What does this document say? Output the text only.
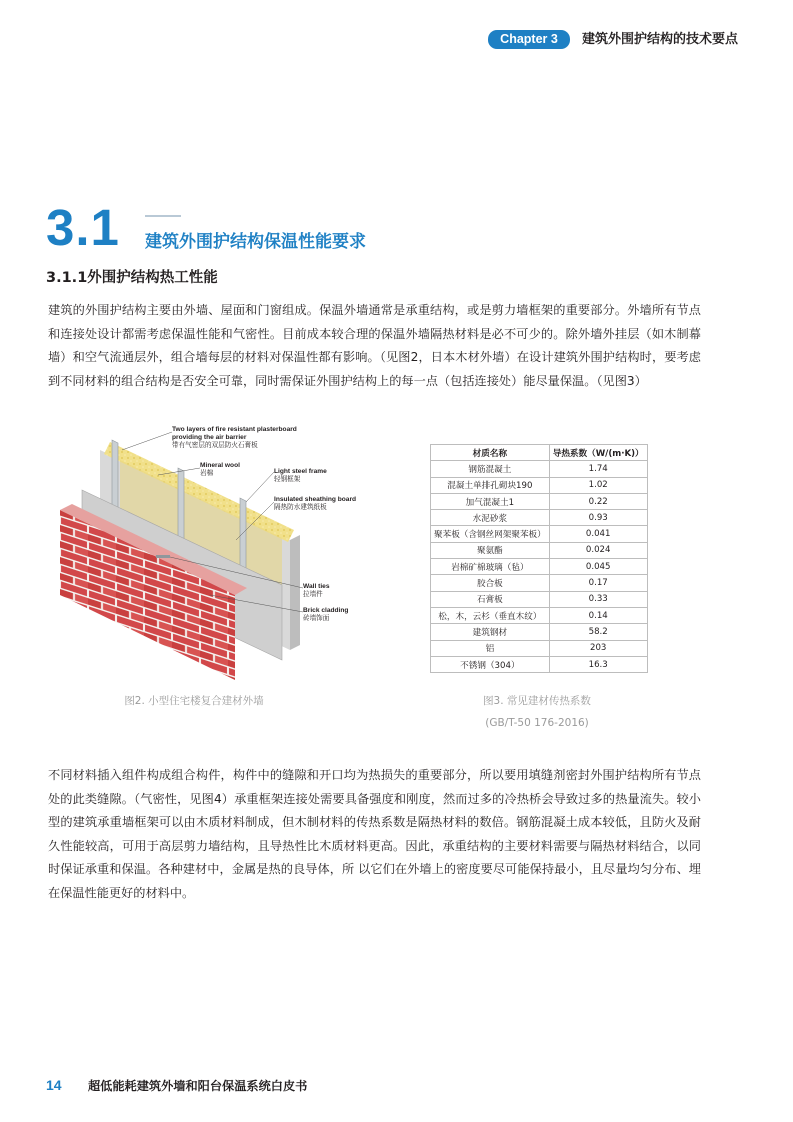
Chapter 3	建筑外围护结构的技术要点
3.1 建筑外围护结构保温性能要求
3.1.1外围护结构热工性能

建筑的外围护结构主要由外墙、屋面和门窗组成。保温外墙通常是承重结构，或是剪力墙框架的重要部分。外墙所有节点和连接处设计都需考虑保温性能和气密性。目前成本较合理的保温外墙隔热材料是必不可少的。除外墙外挂层（如木制幕墙）和空气流通层外，组合墙每层的材料对保温性都有影响。（见图2，日本木材外墙）在设计建筑外围护结构时，要考虑到不同材料的组合结构是否安全可靠，同时需保证外围护结构上的每一点（包括连接处）能尽量保温。（见图3）

Two layers of fire resistant plasterboard providing the air barrier
带有气密层的双层防火石膏板
Mineral wool
岩棉	Light steel frame
轻钢框架
Insulated sheathing board
隔热防水建筑纸板
Wall ties
拉墙件
Brick cladding
砖墙饰面
图2. 小型住宅楼复合建材外墙
材质名称	导热系数（W/(m·K)）
钢筋混凝土	1.74
混凝土单排孔砌块190	1.02
加气混凝土1	0.22
水泥砂浆	0.93
聚苯板（含钢丝网架聚苯板）	0.041
聚氨酯	0.024
岩棉矿棉玻璃（毡）	0.045
胶合板	0.17
石膏板	0.33
松，木，云杉（垂直木纹）	0.14
建筑钢材	58.2
铝	203
不锈钢（304）	16.3
图3. 常见建材传热系数
(GB/T-50 176-2016)

不同材料插入组件构成组合构件，构件中的缝隙和开口均为热损失的重要部分，所以要用填缝剂密封外围护结构所有节点处的此类缝隙。（气密性，见图4）承重框架连接处需要具备强度和刚度，然而过多的冷热桥会导致过多的热量流失。较小型的建筑承重墙框架可以由木质材料制成，但木制材料的传热系数是隔热材料的数倍。钢筋混凝土成本较低，且防火及耐久性能较高，可用于高层剪力墙结构，且导热性比木质材料更高。因此，承重结构的主要材料需要与隔热材料结合，以同时保证承重和保温。各种建材中，金属是热的良导体，所 以它们在外墙上的密度要尽可能保持最小，且尽量均匀分布、埋在保温性能更好的材料中。

14 超低能耗建筑外墙和阳台保温系统白皮书
